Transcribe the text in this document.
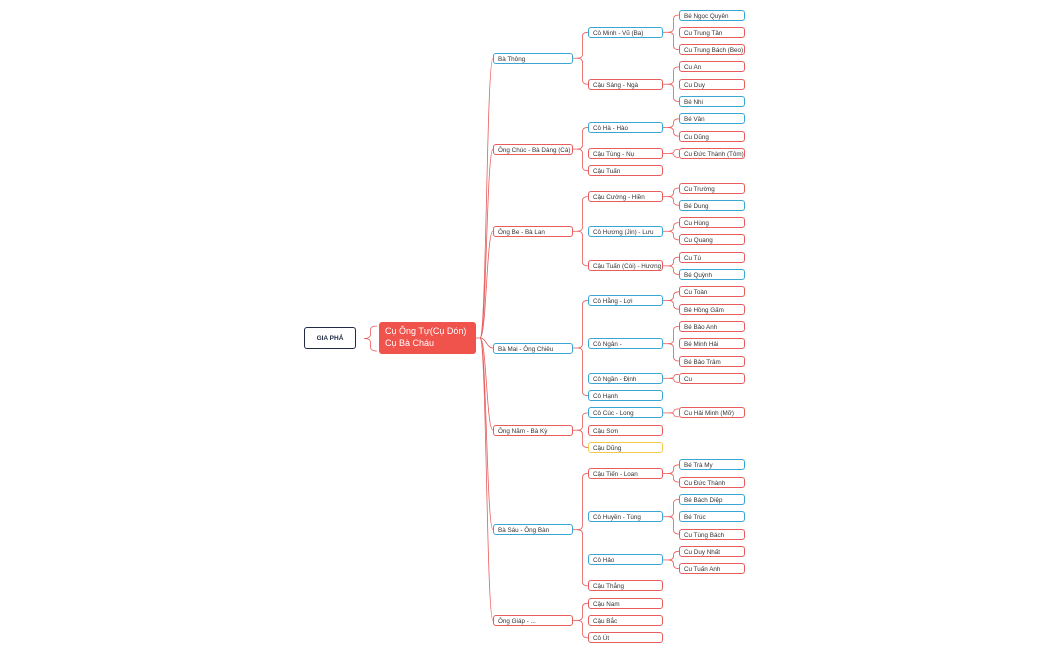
GIA PHẢ
Cụ Ông Tự(Cụ Dón)
Cụ Bà Cháu
Bà Thông
Cô Minh - Vũ (Ba)
Bé Ngọc Quyên
Cu Trung Tân
Cu Trung Bách (Beo)
Cậu Sáng - Ngà
Cu An
Cu Duy
Bé Nhi
Ông Chúc - Bà Dàng (Cà)
Cô Hà - Hào
Bé Vân
Cu Dũng
Cậu Tùng - Nụ	Cu Đức Thành (Tôm)
Cậu Tuấn
Ông Be - Bà Lan
Cậu Cường - Hiền
Cu Trường
Bé Dung
Cô Hương (Jin) - Lưu
Cu Hùng
Cu Quang
Cậu Tuấn (Còi) - Hương
Cu Tú
Bé Quỳnh
Bà Mai - Ông Chiêu
Cô Hằng - Lợi
Cu Toàn
Bé Hồng Gấm
Cô Ngân -
Bé Bảo Anh
Bé Minh Hải
Bé Bảo Trâm
Cô Ngần - Định	Cu
Cô Hạnh
Ông Năm - Bà Kỳ
Cô Cúc - Long	Cu Hải Minh (Mỡ)
Cậu Sơn
Cậu Dũng
Bà Sáu - Ông Bàn
Cậu Tiến - Loan
Bé Trà My
Cu Đức Thành
Cô Huyền - Tùng
Bé Bách Diệp
Bé Trúc
Cu Tùng Bách
Cô Hảo
Cu Duy Nhất
Cu Tuấn Anh
Cậu Thắng
Ông Giáp - ...
Cậu Nam
Cậu Bắc
Cô Út
